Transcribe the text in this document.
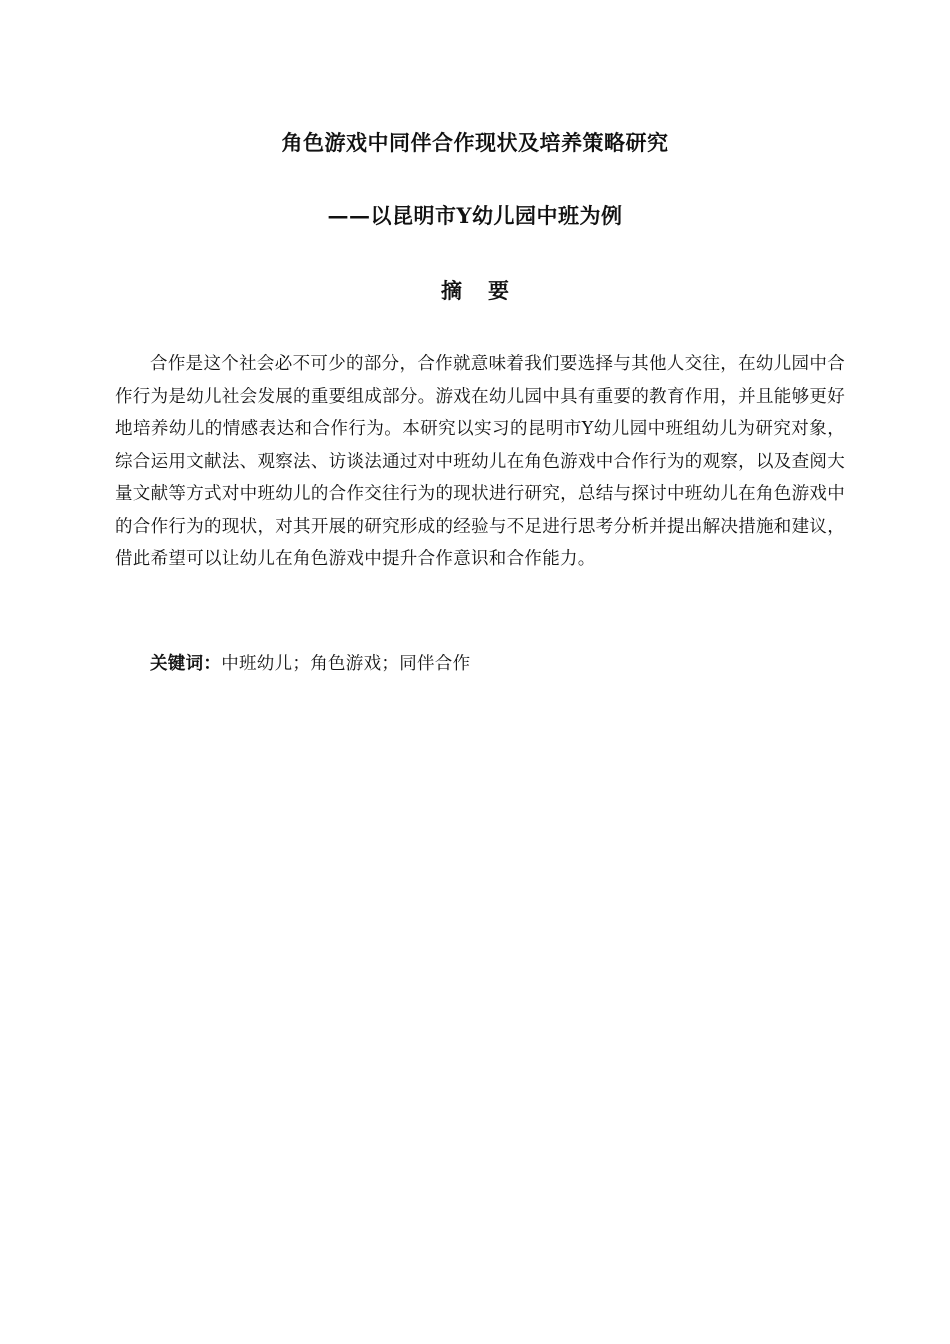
角色游戏中同伴合作现状及培养策略研究
——以昆明市Y幼儿园中班为例
摘 要
合作是这个社会必不可少的部分，合作就意味着我们要选择与其他人交往，在幼儿园中合作行为是幼儿社会发展的重要组成部分。游戏在幼儿园中具有重要的教育作用，并且能够更好地培养幼儿的情感表达和合作行为。本研究以实习的昆明市Y幼儿园中班组幼儿为研究对象，综合运用文献法、观察法、访谈法通过对中班幼儿在角色游戏中合作行为的观察，以及查阅大量文献等方式对中班幼儿的合作交往行为的现状进行研究，总结与探讨中班幼儿在角色游戏中的合作行为的现状，对其开展的研究形成的经验与不足进行思考分析并提出解决措施和建议，借此希望可以让幼儿在角色游戏中提升合作意识和合作能力。
关键词：中班幼儿；角色游戏；同伴合作
